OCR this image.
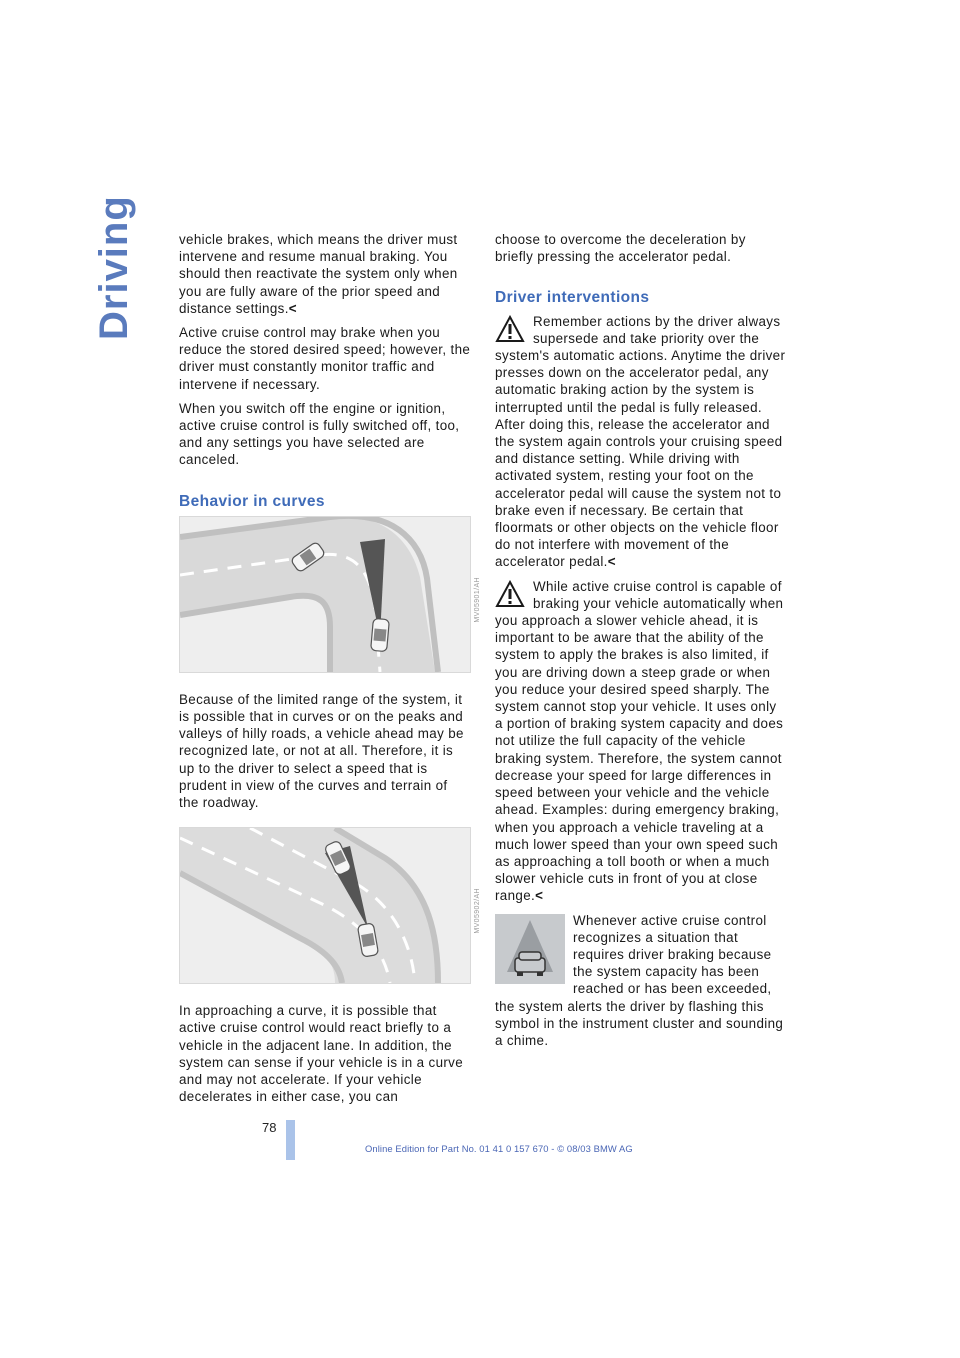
Driving	vehicle brakes, which means the driver must intervene and resume manual braking. You should then reactivate the system only when you are fully aware of the prior speed and distance settings.<

Active cruise control may brake when you reduce the stored desired speed; however, the driver must constantly monitor traffic and intervene if necessary.

When you switch off the engine or ignition, active cruise control is fully switched off, too, and any settings you have selected are canceled.

Behavior in curves
MV05901/AH

Because of the limited range of the system, it is possible that in curves or on the peaks and valleys of hilly roads, a vehicle ahead may be recognized late, or not at all. Therefore, it is up to the driver to select a speed that is prudent in view of the curves and terrain of the roadway.

MV05902/AH

In approaching a curve, it is possible that active cruise control would react briefly to a vehicle in the adjacent lane. In addition, the system can sense if your vehicle is in a curve and may not accelerate. If your vehicle decelerates in either case, you can

choose to overcome the deceleration by briefly pressing the accelerator pedal.

Driver interventions

Remember actions by the driver always supersede and take priority over the system's automatic actions. Anytime the driver presses down on the accelerator pedal, any automatic braking action by the system is interrupted until the pedal is fully released. After doing this, release the accelerator and the system again controls your cruising speed and distance setting. While driving with activated system, resting your foot on the accelerator pedal will cause the system not to brake even if necessary. Be certain that floormats or other objects on the vehicle floor do not interfere with movement of the accelerator pedal.<

While active cruise control is capable of braking your vehicle automatically when you approach a slower vehicle ahead, it is important to be aware that the ability of the system to apply the brakes is also limited, if you are driving down a steep grade or when you reduce your desired speed sharply. The system cannot stop your vehicle. It uses only a portion of braking system capacity and does not utilize the full capacity of the vehicle braking system. Therefore, the system cannot decrease your speed for large differences in speed between your vehicle and the vehicle ahead. Examples: during emergency braking, when you approach a vehicle traveling at a much lower speed than your own speed such as approaching a toll booth or when a much slower vehicle cuts in front of you at close range.<

Whenever active cruise control recognizes a situation that requires driver braking because the system capacity has been reached or has been exceeded, the system alerts the driver by flashing this symbol in the instrument cluster and sounding a chime.

78
Online Edition for Part No. 01 41 0 157 670 - © 08/03 BMW AG
